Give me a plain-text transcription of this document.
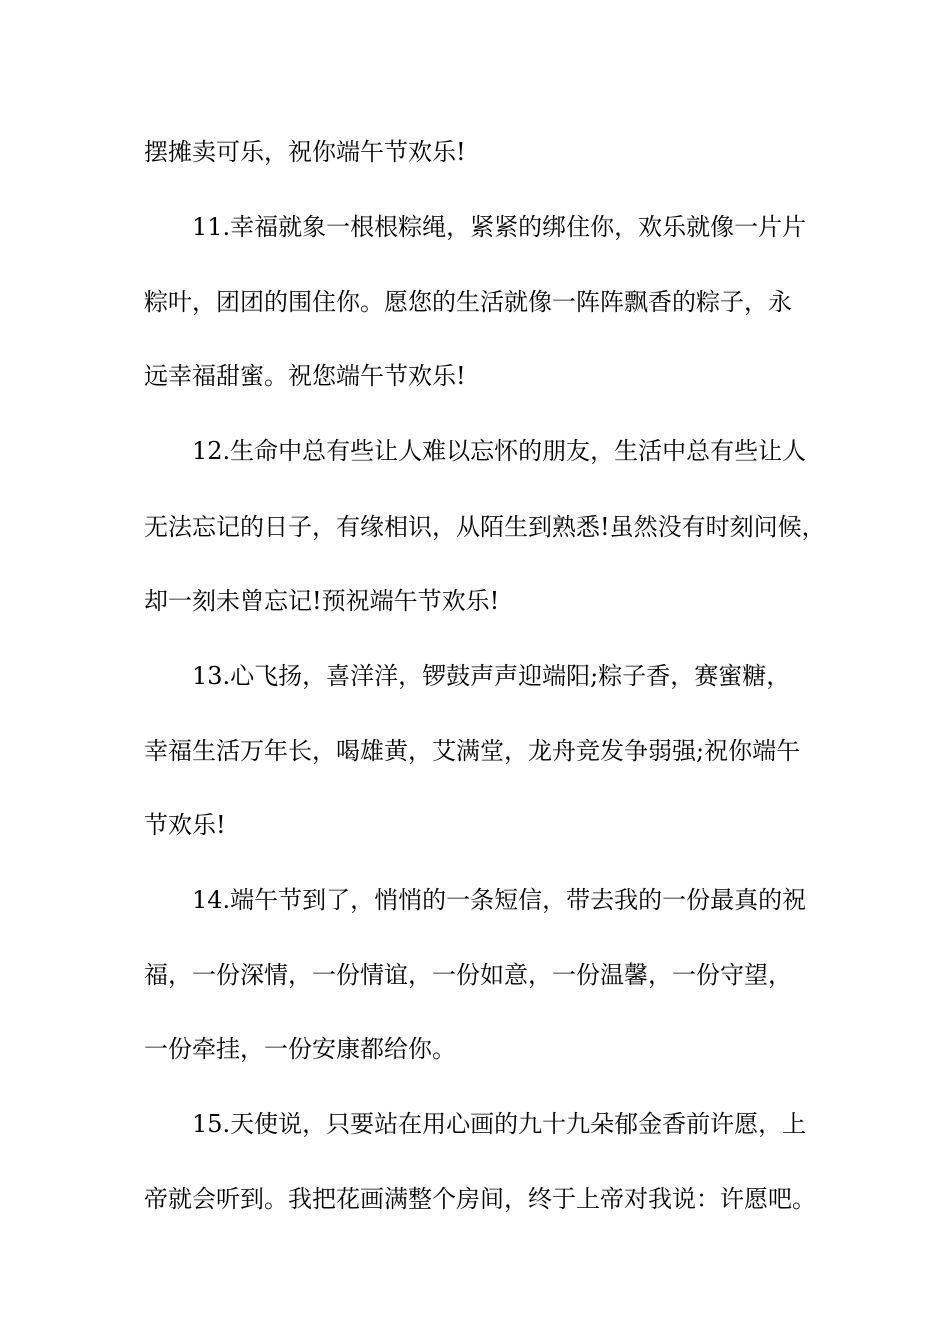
摆摊卖可乐，祝你端午节欢乐!
11.幸福就象一根根粽绳，紧紧的绑住你，欢乐就像一片片
粽叶，团团的围住你。愿您的生活就像一阵阵飘香的粽子，永
远幸福甜蜜。祝您端午节欢乐!
12.生命中总有些让人难以忘怀的朋友，生活中总有些让人
无法忘记的日子，有缘相识，从陌生到熟悉!虽然没有时刻问候，
却一刻未曾忘记!预祝端午节欢乐!
13.心飞扬，喜洋洋，锣鼓声声迎端阳;粽子香，赛蜜糖，
幸福生活万年长，喝雄黄，艾满堂，龙舟竞发争弱强;祝你端午
节欢乐!
14.端午节到了，悄悄的一条短信，带去我的一份最真的祝
福，一份深情，一份情谊，一份如意，一份温馨，一份守望，
一份牵挂，一份安康都给你。
15.天使说，只要站在用心画的九十九朵郁金香前许愿，上
帝就会听到。我把花画满整个房间，终于上帝对我说：许愿吧。
